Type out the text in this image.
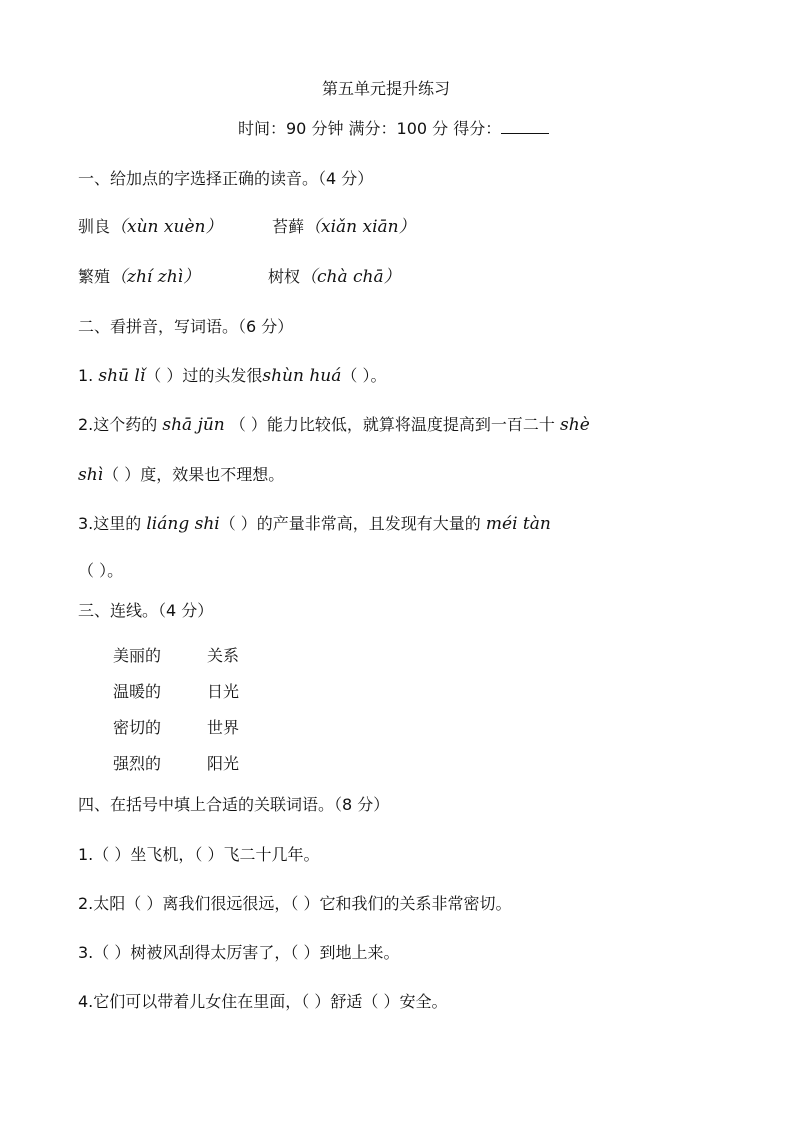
第五单元提升练习
时间：90 分钟 满分：100 分 得分：
一、给加点的字选择正确的读音。（4 分）
驯良（xùn xuèn）	苔藓（xiǎn xiān）
繁殖（zhí zhì）	树杈（chà chā）
二、看拼音，写词语。（6 分）
1. shū lǐ（ ）过的头发很shùn huá（ ）。
2.这个药的 shā jūn （ ）能力比较低，就算将温度提高到一百二十 shè
shì（ ）度，效果也不理想。
3.这里的 liáng shi（ ）的产量非常高，且发现有大量的 méi tàn
（ ）。
三、连线。（4 分）
美丽的	关系
温暖的	日光
密切的	世界
强烈的	阳光
四、在括号中填上合适的关联词语。（8 分）
1.（ ）坐飞机，（ ）飞二十几年。
2.太阳（ ）离我们很远很远，（ ）它和我们的关系非常密切。
3.（ ）树被风刮得太厉害了，（ ）到地上来。
4.它们可以带着儿女住在里面，（ ）舒适（ ）安全。
